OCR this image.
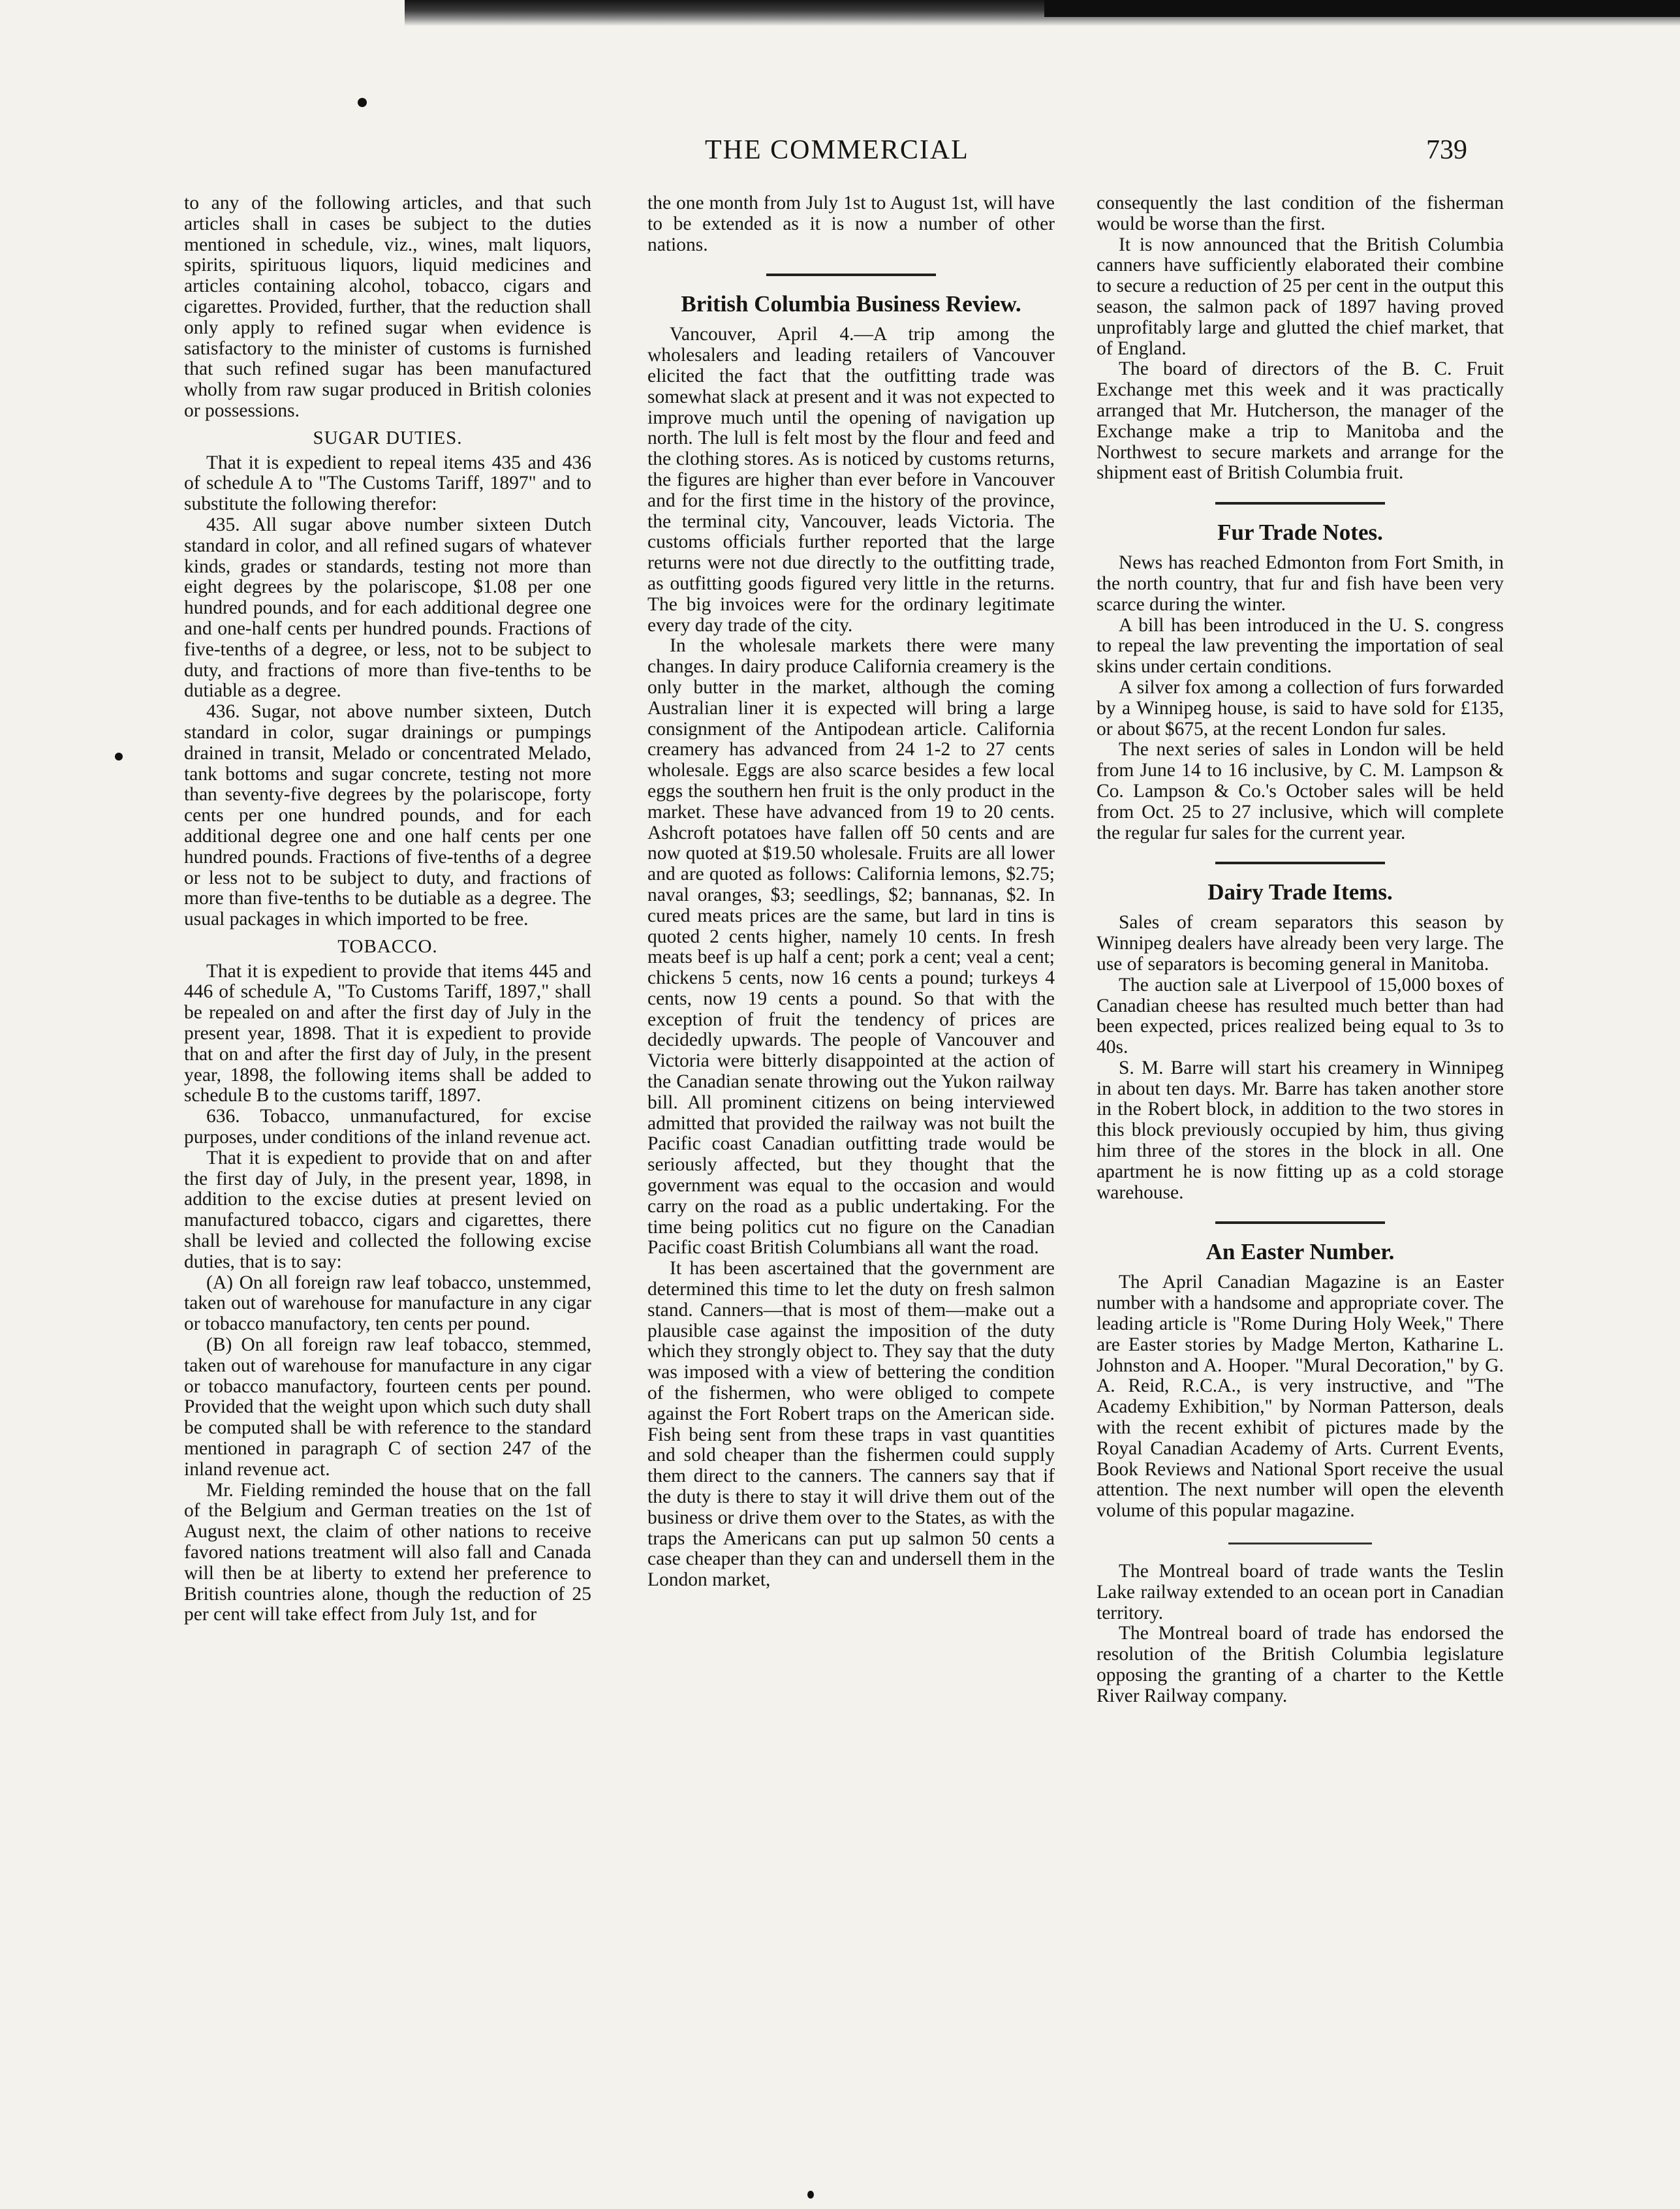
THE COMMERCIAL	739

to any of the following articles, and that such articles shall in cases be subject to the duties mentioned in schedule, viz., wines, malt liquors, spirits, spirituous liquors, liquid medicines and articles containing alcohol, tobacco, cigars and cigarettes. Provided, further, that the reduction shall only apply to refined sugar when evidence is satisfactory to the minister of customs is furnished that such refined sugar has been manufactured wholly from raw sugar produced in British colonies or possessions.

SUGAR DUTIES.

That it is expedient to repeal items 435 and 436 of schedule A to "The Customs Tariff, 1897" and to substitute the following therefor:

435. All sugar above number sixteen Dutch standard in color, and all refined sugars of whatever kinds, grades or standards, testing not more than eight degrees by the polariscope, $1.08 per one hundred pounds, and for each additional degree one and one-half cents per hundred pounds. Fractions of five-tenths of a degree, or less, not to be subject to duty, and fractions of more than five-tenths to be dutiable as a degree.

436. Sugar, not above number sixteen, Dutch standard in color, sugar drainings or pumpings drained in transit, Melado or concentrated Melado, tank bottoms and sugar concrete, testing not more than seventy-five degrees by the polariscope, forty cents per one hundred pounds, and for each additional degree one and one half cents per one hundred pounds. Fractions of five-tenths of a degree or less not to be subject to duty, and fractions of more than five-tenths to be dutiable as a degree. The usual packages in which imported to be free.

TOBACCO.

That it is expedient to provide that items 445 and 446 of schedule A, "To Customs Tariff, 1897," shall be repealed on and after the first day of July in the present year, 1898. That it is expedient to provide that on and after the first day of July, in the present year, 1898, the following items shall be added to schedule B to the customs tariff, 1897.

636. Tobacco, unmanufactured, for excise purposes, under conditions of the inland revenue act.

That it is expedient to provide that on and after the first day of July, in the present year, 1898, in addition to the excise duties at present levied on manufactured tobacco, cigars and cigarettes, there shall be levied and collected the following excise duties, that is to say:

(A) On all foreign raw leaf tobacco, unstemmed, taken out of warehouse for manufacture in any cigar or tobacco manufactory, ten cents per pound.

(B) On all foreign raw leaf tobacco, stemmed, taken out of warehouse for manufacture in any cigar or tobacco manufactory, fourteen cents per pound. Provided that the weight upon which such duty shall be computed shall be with reference to the standard mentioned in paragraph C of section 247 of the inland revenue act.

Mr. Fielding reminded the house that on the fall of the Belgium and German treaties on the 1st of August next, the claim of other nations to receive favored nations treatment will also fall and Canada will then be at liberty to extend her preference to British countries alone, though the reduction of 25 per cent will take effect from July 1st, and for

the one month from July 1st to August 1st, will have to be extended as it is now a number of other nations.

British Columbia Business Review.

Vancouver, April 4.—A trip among the wholesalers and leading retailers of Vancouver elicited the fact that the outfitting trade was somewhat slack at present and it was not expected to improve much until the opening of navigation up north. The lull is felt most by the flour and feed and the clothing stores. As is noticed by customs returns, the figures are higher than ever before in Vancouver and for the first time in the history of the province, the terminal city, Vancouver, leads Victoria. The customs officials further reported that the large returns were not due directly to the outfitting trade, as outfitting goods figured very little in the returns. The big invoices were for the ordinary legitimate every day trade of the city.

In the wholesale markets there were many changes. In dairy produce California creamery is the only butter in the market, although the coming Australian liner it is expected will bring a large consignment of the Antipodean article. California creamery has advanced from 24 1-2 to 27 cents wholesale. Eggs are also scarce besides a few local eggs the southern hen fruit is the only product in the market. These have advanced from 19 to 20 cents. Ashcroft potatoes have fallen off 50 cents and are now quoted at $19.50 wholesale. Fruits are all lower and are quoted as follows: California lemons, $2.75; naval oranges, $3; seedlings, $2; bannanas, $2. In cured meats prices are the same, but lard in tins is quoted 2 cents higher, namely 10 cents. In fresh meats beef is up half a cent; pork a cent; veal a cent; chickens 5 cents, now 16 cents a pound; turkeys 4 cents, now 19 cents a pound. So that with the exception of fruit the tendency of prices are decidedly upwards. The people of Vancouver and Victoria were bitterly disappointed at the action of the Canadian senate throwing out the Yukon railway bill. All prominent citizens on being interviewed admitted that provided the railway was not built the Pacific coast Canadian outfitting trade would be seriously affected, but they thought that the government was equal to the occasion and would carry on the road as a public undertaking. For the time being politics cut no figure on the Canadian Pacific coast British Columbians all want the road.

It has been ascertained that the government are determined this time to let the duty on fresh salmon stand. Canners—that is most of them—make out a plausible case against the imposition of the duty which they strongly object to. They say that the duty was imposed with a view of bettering the condition of the fishermen, who were obliged to compete against the Fort Robert traps on the American side. Fish being sent from these traps in vast quantities and sold cheaper than the fishermen could supply them direct to the canners. The canners say that if the duty is there to stay it will drive them out of the business or drive them over to the States, as with the traps the Americans can put up salmon 50 cents a case cheaper than they can and undersell them in the London market,

consequently the last condition of the fisherman would be worse than the first.

It is now announced that the British Columbia canners have sufficiently elaborated their combine to secure a reduction of 25 per cent in the output this season, the salmon pack of 1897 having proved unprofitably large and glutted the chief market, that of England.

The board of directors of the B. C. Fruit Exchange met this week and it was practically arranged that Mr. Hutcherson, the manager of the Exchange make a trip to Manitoba and the Northwest to secure markets and arrange for the shipment east of British Columbia fruit.

Fur Trade Notes.

News has reached Edmonton from Fort Smith, in the north country, that fur and fish have been very scarce during the winter.

A bill has been introduced in the U. S. congress to repeal the law preventing the importation of seal skins under certain conditions.

A silver fox among a collection of furs forwarded by a Winnipeg house, is said to have sold for £135, or about $675, at the recent London fur sales.

The next series of sales in London will be held from June 14 to 16 inclusive, by C. M. Lampson & Co. Lampson & Co.'s October sales will be held from Oct. 25 to 27 inclusive, which will complete the regular fur sales for the current year.

Dairy Trade Items.

Sales of cream separators this season by Winnipeg dealers have already been very large. The use of separators is becoming general in Manitoba.

The auction sale at Liverpool of 15,000 boxes of Canadian cheese has resulted much better than had been expected, prices realized being equal to 3s to 40s.

S. M. Barre will start his creamery in Winnipeg in about ten days. Mr. Barre has taken another store in the Robert block, in addition to the two stores in this block previously occupied by him, thus giving him three of the stores in the block in all. One apartment he is now fitting up as a cold storage warehouse.

An Easter Number.

The April Canadian Magazine is an Easter number with a handsome and appropriate cover. The leading article is "Rome During Holy Week," There are Easter stories by Madge Merton, Katharine L. Johnston and A. Hooper. "Mural Decoration," by G. A. Reid, R.C.A., is very instructive, and "The Academy Exhibition," by Norman Patterson, deals with the recent exhibit of pictures made by the Royal Canadian Academy of Arts. Current Events, Book Reviews and National Sport receive the usual attention. The next number will open the eleventh volume of this popular magazine.

The Montreal board of trade wants the Teslin Lake railway extended to an ocean port in Canadian territory.

The Montreal board of trade has endorsed the resolution of the British Columbia legislature opposing the granting of a charter to the Kettle River Railway company.
